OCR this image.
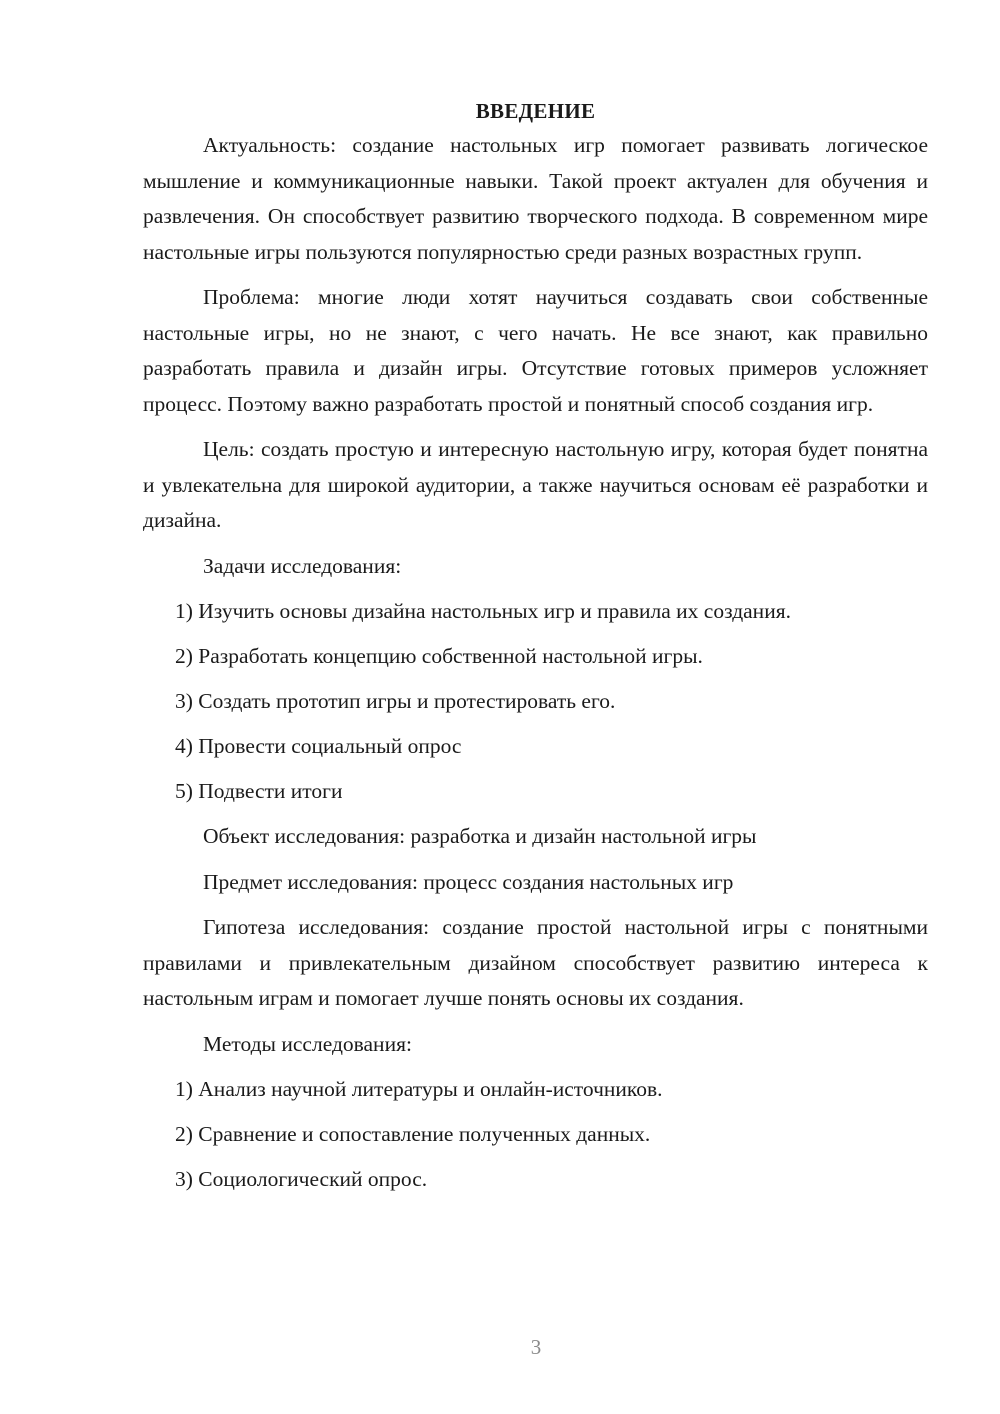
ВВЕДЕНИЕ

Актуальность: создание настольных игр помогает развивать логическое мышление и коммуникационные навыки. Такой проект актуален для обучения и развлечения. Он способствует развитию творческого подхода. В современном мире настольные игры пользуются популярностью среди разных возрастных групп.

Проблема: многие люди хотят научиться создавать свои собственные настольные игры, но не знают, с чего начать. Не все знают, как правильно разработать правила и дизайн игры. Отсутствие готовых примеров усложняет процесс. Поэтому важно разработать простой и понятный способ создания игр.

Цель: создать простую и интересную настольную игру, которая будет понятна и увлекательна для широкой аудитории, а также научиться основам её разработки и дизайна.

Задачи исследования:

1) Изучить основы дизайна настольных игр и правила их создания.

2) Разработать концепцию собственной настольной игры.

3) Создать прототип игры и протестировать его.

4) Провести социальный опрос

5) Подвести итоги

Объект исследования: разработка и дизайн настольной игры

Предмет исследования: процесс создания настольных игр

Гипотеза исследования: создание простой настольной игры с понятными правилами и привлекательным дизайном способствует развитию интереса к настольным играм и помогает лучше понять основы их создания.

Методы исследования:

1) Анализ научной литературы и онлайн-источников.

2) Сравнение и сопоставление полученных данных.

3) Социологический опрос.

3
